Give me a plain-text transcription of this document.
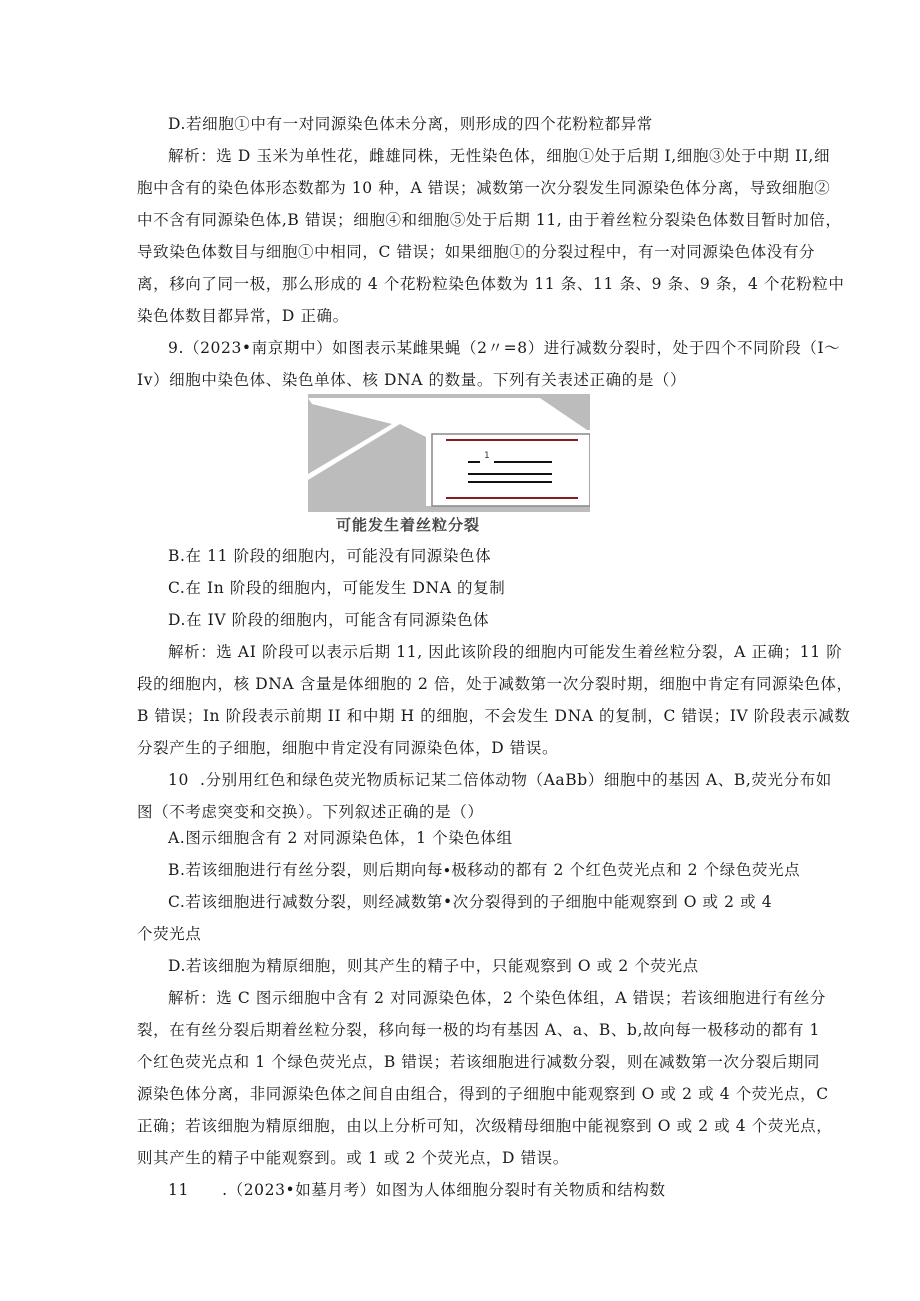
D.若细胞①中有一对同源染色体未分离，则形成的四个花粉粒都异常
解析：选 D 玉米为单性花，雌雄同株，无性染色体，细胞①处于后期 I,细胞③处于中期 II,细
胞中含有的染色体形态数都为 10 种，A 错误；减数第一次分裂发生同源染色体分离，导致细胞②
中不含有同源染色体,B 错误；细胞④和细胞⑤处于后期 11, 由于着丝粒分裂染色体数目暂时加倍，
导致染色体数目与细胞①中相同，C 错误；如果细胞①的分裂过程中，有一对同源染色体没有分
离，移向了同一极，那么形成的 4 个花粉粒染色体数为 11 条、11 条、9 条、9 条，4 个花粉粒中
染色体数目都异常，D 正确。
9.（2023•南京期中）如图表示某雌果蝇（2〃=8）进行减数分裂时，处于四个不同阶段（I〜
Iv）细胞中染色体、染色单体、核 DNA 的数量。下列有关表述正确的是（）
B.在 11 阶段的细胞内，可能没有同源染色体
C.在 In 阶段的细胞内，可能发生 DNA 的复制
D.在 IV 阶段的细胞内，可能含有同源染色体
解析：选 AI 阶段可以表示后期 11, 因此该阶段的细胞内可能发生着丝粒分裂，A 正确；11 阶
段的细胞内，核 DNA 含量是体细胞的 2 倍，处于减数第一次分裂时期，细胞中肯定有同源染色体，
B 错误；In 阶段表示前期 II 和中期 H 的细胞，不会发生 DNA 的复制，C 错误；IV 阶段表示减数
分裂产生的子细胞，细胞中肯定没有同源染色体，D 错误。
10  .分别用红色和绿色荧光物质标记某二倍体动物（AaBb）细胞中的基因 A、B,荧光分布如
图（不考虑突变和交换）。下列叙述正确的是（）
A.图示细胞含有 2 对同源染色体，1 个染色体组
B.若该细胞进行有丝分裂，则后期向每∙极移动的都有 2 个红色荧光点和 2 个绿色荧光点
C.若该细胞进行减数分裂，则经减数第•次分裂得到的子细胞中能观察到 O 或 2 或 4
个荧光点
D.若该细胞为精原细胞，则其产生的精子中，只能观察到 O 或 2 个荧光点
解析：选 C 图示细胞中含有 2 对同源染色体，2 个染色体组，A 错误；若该细胞进行有丝分
裂，在有丝分裂后期着丝粒分裂，移向每一极的均有基因 A、a、B、b,故向每一极移动的都有 1
个红色荧光点和 1 个绿色荧光点，B 错误；若该细胞进行减数分裂，则在减数第一次分裂后期同
源染色体分离，非同源染色体之间自由组合，得到的子细胞中能观察到 O 或 2 或 4 个荧光点，C
正确；若该细胞为精原细胞，由以上分析可知，次级精母细胞中能视察到 O 或 2 或 4 个荧光点，
则其产生的精子中能观察到。或 1 或 2 个荧光点，D 错误。
11      .（2023•如墓月考）如图为人体细胞分裂时有关物质和结构数
1
可能发生着丝粒分裂
